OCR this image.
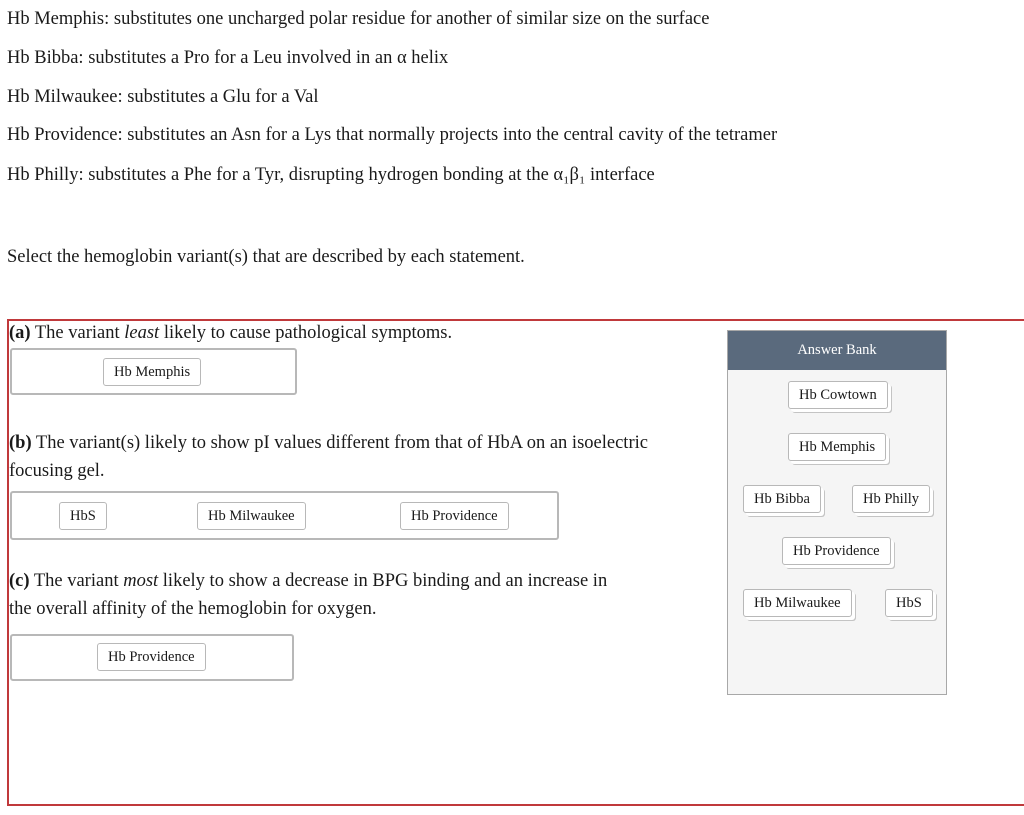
Hb Memphis: substitutes one uncharged polar residue for another of similar size on the surface
Hb Bibba: substitutes a Pro for a Leu involved in an α helix
Hb Milwaukee: substitutes a Glu for a Val
Hb Providence: substitutes an Asn for a Lys that normally projects into the central cavity of the tetramer
Hb Philly: substitutes a Phe for a Tyr, disrupting hydrogen bonding at the α₁β₁ interface
Select the hemoglobin variant(s) that are described by each statement.
(a) The variant least likely to cause pathological symptoms.
Hb Memphis
(b) The variant(s) likely to show pI values different from that of HbA on an isoelectric
focusing gel.
HbS	Hb Milwaukee	Hb Providence
(c) The variant most likely to show a decrease in BPG binding and an increase in
the overall affinity of the hemoglobin for oxygen.
Hb Providence
Answer Bank
Hb Cowtown
Hb Memphis
Hb Bibba	Hb Philly
Hb Providence
Hb Milwaukee	HbS
